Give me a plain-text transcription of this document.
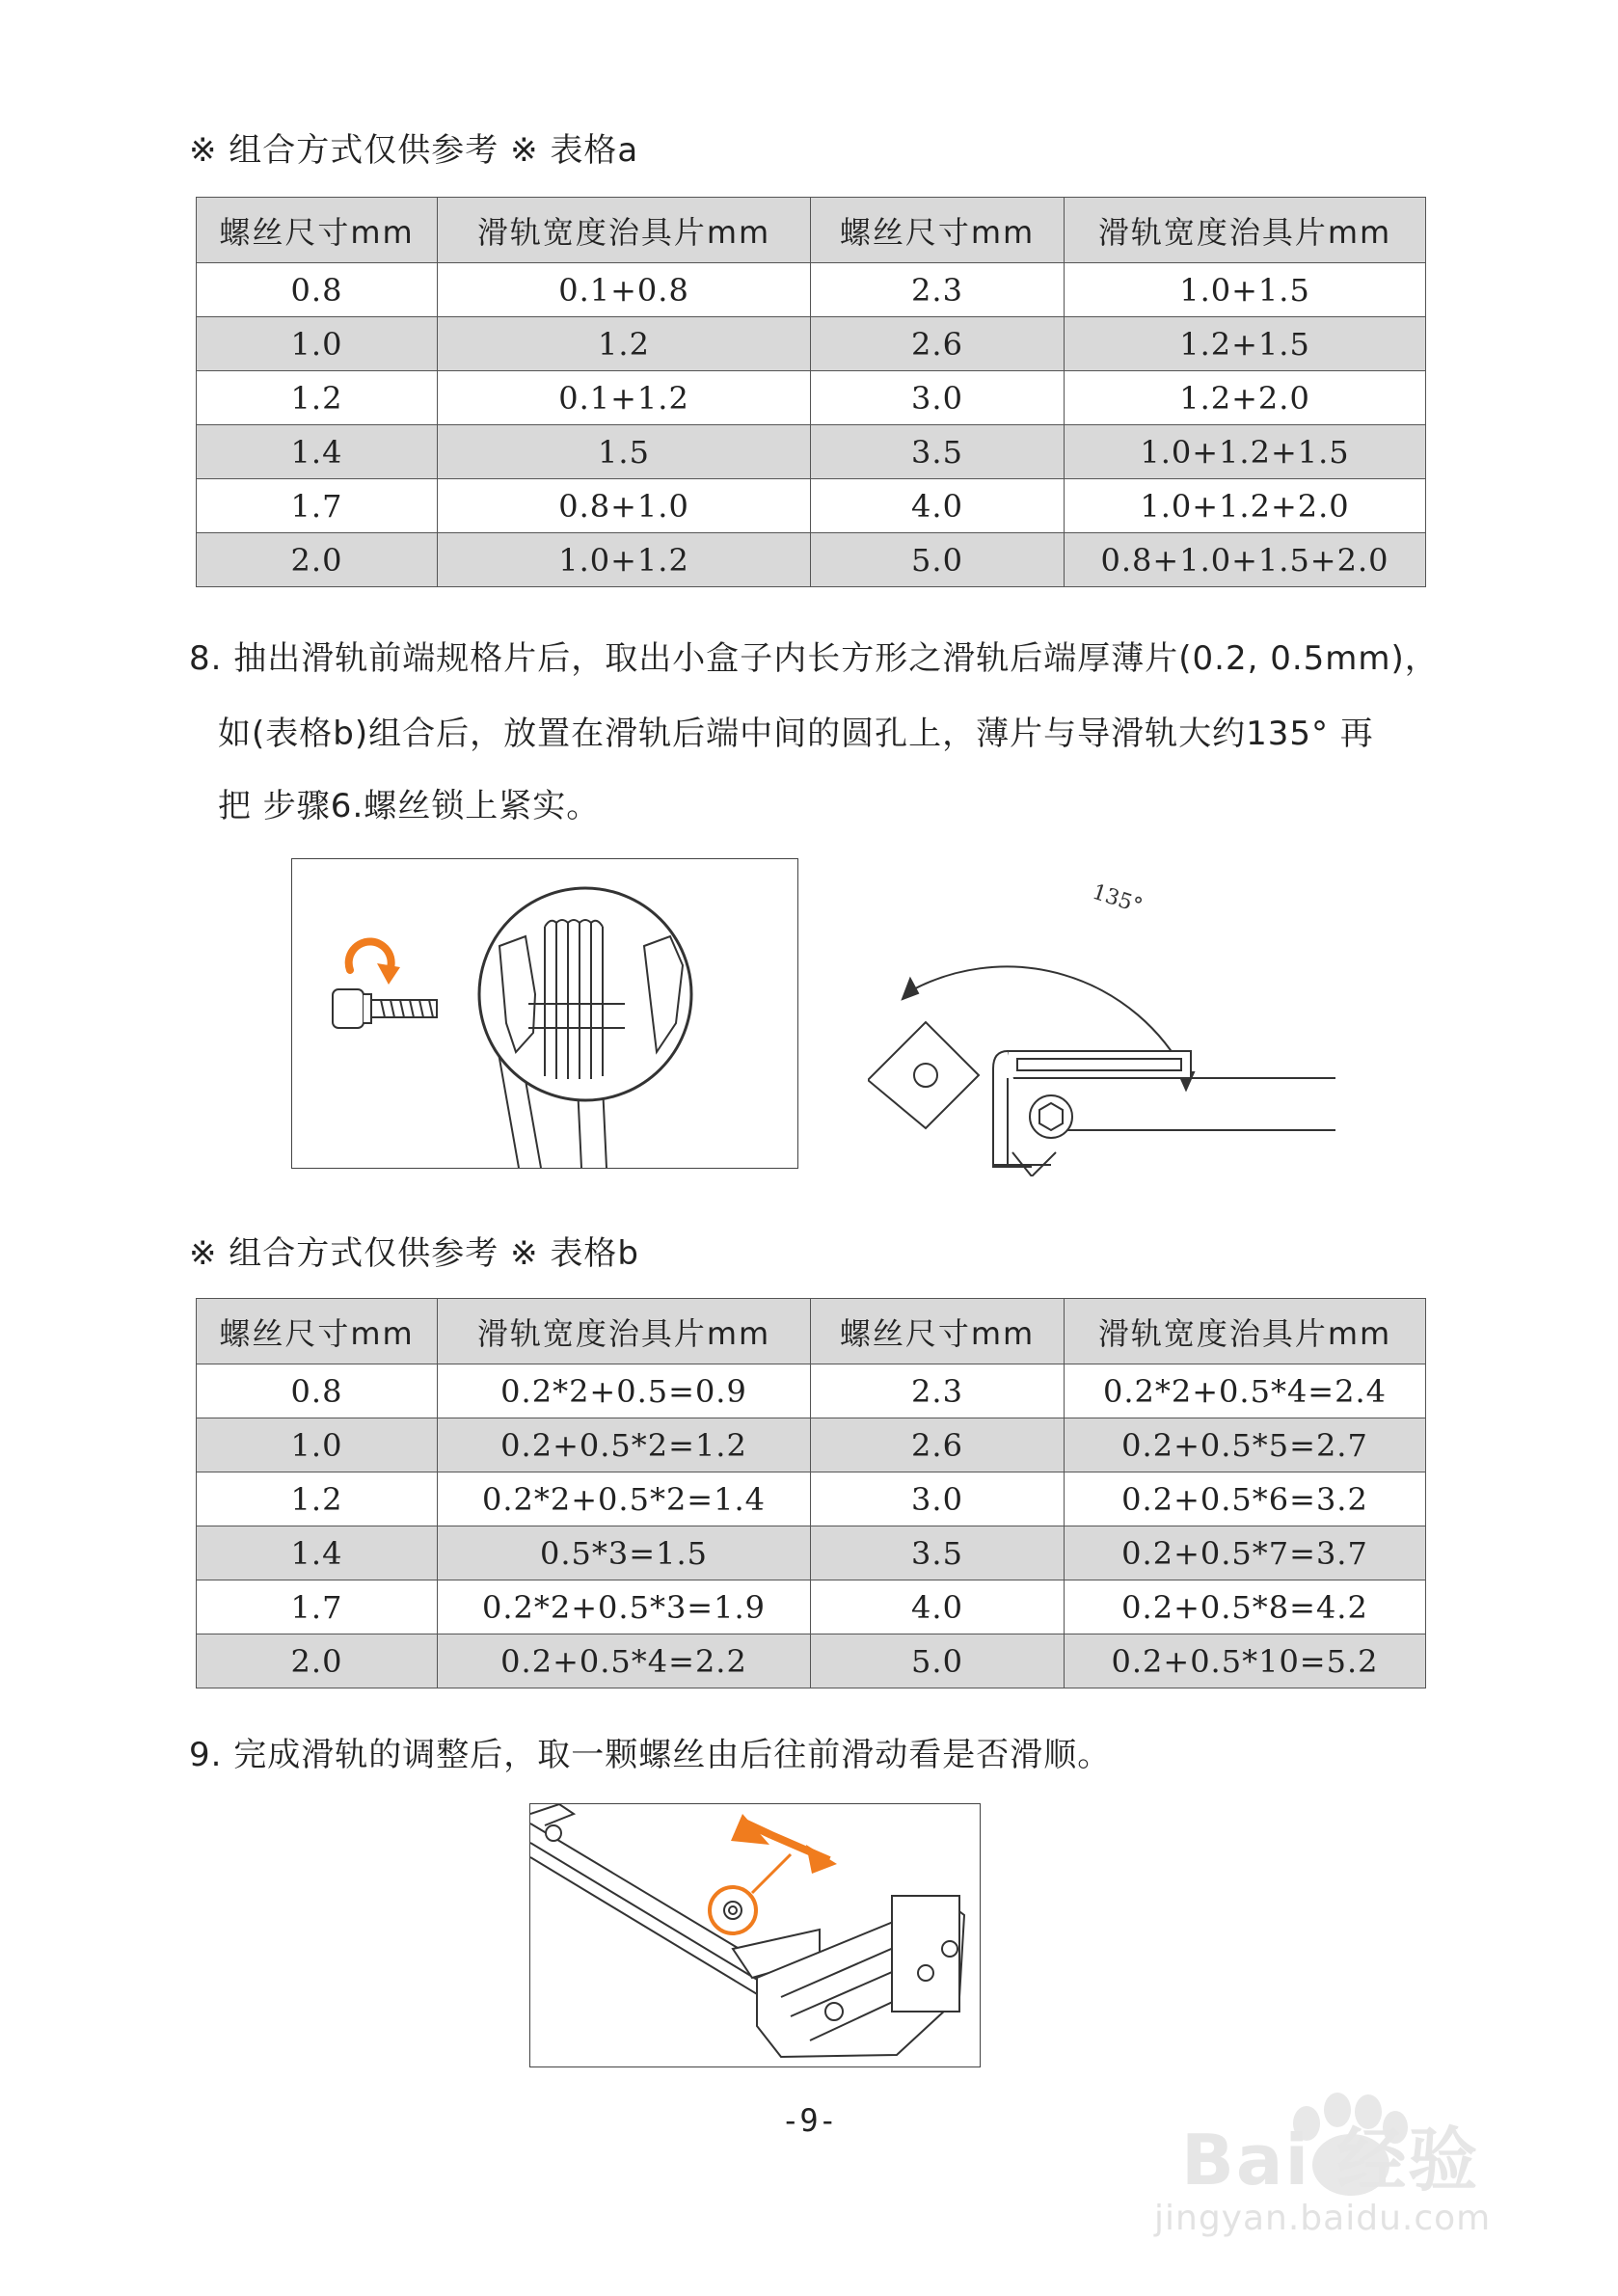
※ 组合方式仅供参考 ※ 表格a
螺丝尺寸mm	滑轨宽度治具片mm	螺丝尺寸mm	滑轨宽度治具片mm
0.8	0.1+0.8	2.3	1.0+1.5
1.0	1.2	2.6	1.2+1.5
1.2	0.1+1.2	3.0	1.2+2.0
1.4	1.5	3.5	1.0+1.2+1.5
1.7	0.8+1.0	4.0	1.0+1.2+2.0
2.0	1.0+1.2	5.0	0.8+1.0+1.5+2.0
8. 抽出滑轨前端规格片后，取出小盒子内长方形之滑轨后端厚薄片(0.2, 0.5mm)，
如(表格b)组合后，放置在滑轨后端中间的圆孔上，薄片与导滑轨大约135° 再
把 步骤6.螺丝锁上紧实。
135°
※ 组合方式仅供参考 ※ 表格b
螺丝尺寸mm	滑轨宽度治具片mm	螺丝尺寸mm	滑轨宽度治具片mm
0.8	0.2*2+0.5=0.9	2.3	0.2*2+0.5*4=2.4
1.0	0.2+0.5*2=1.2	2.6	0.2+0.5*5=2.7
1.2	0.2*2+0.5*2=1.4	3.0	0.2+0.5*6=3.2
1.4	0.5*3=1.5	3.5	0.2+0.5*7=3.7
1.7	0.2*2+0.5*3=1.9	4.0	0.2+0.5*8=4.2
2.0	0.2+0.5*4=2.2	5.0	0.2+0.5*10=5.2
9. 完成滑轨的调整后，取一颗螺丝由后往前滑动看是否滑顺。
-9-	Bai 经验
jingyan.baidu.com
